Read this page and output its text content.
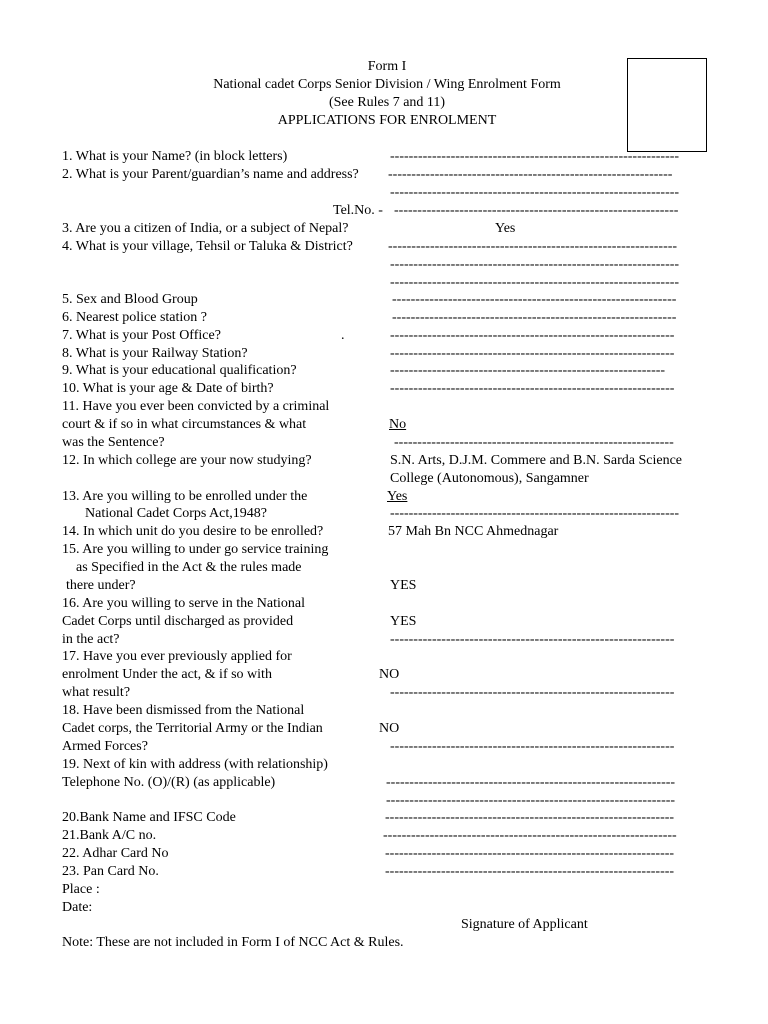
Form I
National cadet Corps Senior Division / Wing Enrolment Form
(See Rules 7 and 11)
APPLICATIONS FOR ENROLMENT
1. What is your Name? (in block letters)	--------------------------------------------------------------
2. What is your Parent/guardian’s name and address? -------------------------------------------------------------
--------------------------------------------------------------
Tel.No. - -------------------------------------------------------------
3. Are you a citizen of India, or a subject of Nepal?	Yes
4. What is your village, Tehsil or Taluka & District?	--------------------------------------------------------------
--------------------------------------------------------------
--------------------------------------------------------------
5. Sex and Blood Group	-------------------------------------------------------------
6. Nearest police station ?	-------------------------------------------------------------
7. What is your Post Office?	.	-------------------------------------------------------------
8. What is your Railway Station?	-------------------------------------------------------------
9. What is your educational qualification?	-----------------------------------------------------------
10. What is your age & Date of birth?	-------------------------------------------------------------
11. Have you ever been convicted by a criminal
court & if so in what circumstances & what	No
was the Sentence?	------------------------------------------------------------
12. In which college are your now studying?	S.N. Arts, D.J.M. Commere and B.N. Sarda Science
College (Autonomous), Sangamner
13. Are you willing to be enrolled under the	Yes
National Cadet Corps Act,1948?	--------------------------------------------------------------
14. In which unit do you desire to be enrolled?	57 Mah Bn NCC Ahmednagar
15. Are you willing to under go service training
as Specified in the Act & the rules made
there under?	YES
16. Are you willing to serve in the National
Cadet Corps until discharged as provided	YES
in the act?	-------------------------------------------------------------
17. Have you ever previously applied for
enrolment Under the act, & if so with	NO
what result?	-------------------------------------------------------------
18. Have been dismissed from the National
Cadet corps, the Territorial Army or the Indian	NO
Armed Forces?	-------------------------------------------------------------
19. Next of kin with address (with relationship)
Telephone No. (O)/(R) (as applicable)	--------------------------------------------------------------
--------------------------------------------------------------
20.Bank Name and IFSC Code	--------------------------------------------------------------
21.Bank A/C no.	---------------------------------------------------------------
22. Adhar Card No	--------------------------------------------------------------
23. Pan Card No.	--------------------------------------------------------------
Place :
Date:
Signature of Applicant
Note: These are not included in Form I of NCC Act & Rules.
